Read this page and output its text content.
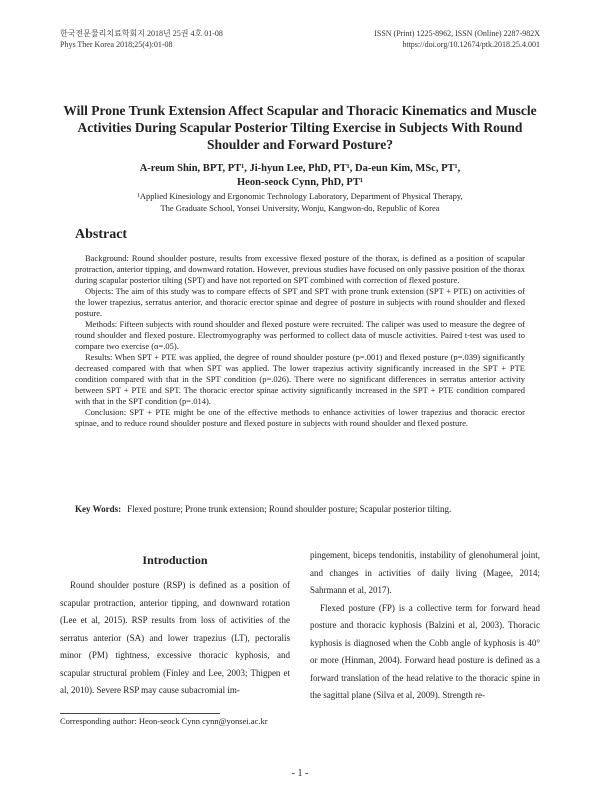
한국전문물리치료학회지 2018년 25권 4호 01-08
Phys Ther Korea 2018;25(4):01-08
ISSN (Print) 1225-8962, ISSN (Online) 2287-982X
https://doi.org/10.12674/ptk.2018.25.4.001
Will Prone Trunk Extension Affect Scapular and Thoracic Kinematics and Muscle Activities During Scapular Posterior Tilting Exercise in Subjects With Round Shoulder and Forward Posture?
A-reum Shin, BPT, PT¹, Ji-hyun Lee, PhD, PT¹, Da-eun Kim, MSc, PT¹,
Heon-seock Cynn, PhD, PT¹
¹Applied Kinesiology and Ergonomic Technology Laboratory, Department of Physical Therapy,
The Graduate School, Yonsei University, Wonju, Kangwon-do, Republic of Korea
Abstract

Background: Round shoulder posture, results from excessive flexed posture of the thorax, is defined as a position of scapular protraction, anterior tipping, and downward rotation. However, previous studies have focused on only passive position of the thorax during scapular posterior tilting (SPT) and have not reported on SPT combined with correction of flexed posture.

Objects: The aim of this study was to compare effects of SPT and SPT with prone trunk extension (SPT + PTE) on activities of the lower trapezius, serratus anterior, and thoracic erector spinae and degree of posture in subjects with round shoulder and flexed posture.

Methods: Fifteen subjects with round shoulder and flexed posture were recruited. The caliper was used to measure the degree of round shoulder and flexed posture. Electromyography was performed to collect data of muscle activities. Paired t-test was used to compare two exercise (α=.05).

Results: When SPT + PTE was applied, the degree of round shoulder posture (p=.001) and flexed posture (p=.039) significantly decreased compared with that when SPT was applied. The lower trapezius activity significantly increased in the SPT + PTE condition compared with that in the SPT condition (p=.026). There were no significant differences in serratus anterior activity between SPT + PTE and SPT. The thoracic erector spinae activity significantly increased in the SPT + PTE condition compared with that in the SPT condition (p=.014).

Conclusion: SPT + PTE might be one of the effective methods to enhance activities of lower trapezius and thoracic erector spinae, and to reduce round shoulder posture and flexed posture in subjects with round shoulder and flexed posture.

Key Words: Flexed posture; Prone trunk extension; Round shoulder posture; Scapular posterior tilting.
Introduction

Round shoulder posture (RSP) is defined as a position of scapular protraction, anterior tipping, and downward rotation (Lee et al, 2015). RSP results from loss of activities of the serratus anterior (SA) and lower trapezius (LT), pectoralis minor (PM) tightness, excessive thoracic kyphosis, and scapular structural problem (Finley and Lee, 2003; Thigpen et al, 2010). Severe RSP may cause subacromial im-

pingement, biceps tendonitis, instability of glenohumeral joint, and changes in activities of daily living (Magee, 2014; Sahrmann et al, 2017).

Flexed posture (FP) is a collective term for forward head posture and thoracic kyphosis (Balzini et al, 2003). Thoracic kyphosis is diagnosed when the Cobb angle of kyphosis is 40° or more (Hinman, 2004). Forward head posture is defined as a forward translation of the head relative to the thoracic spine in the sagittal plane (Silva et al, 2009). Strength re-

Corresponding author: Heon-seock Cynn cynn@yonsei.ac.kr
- 1 -
